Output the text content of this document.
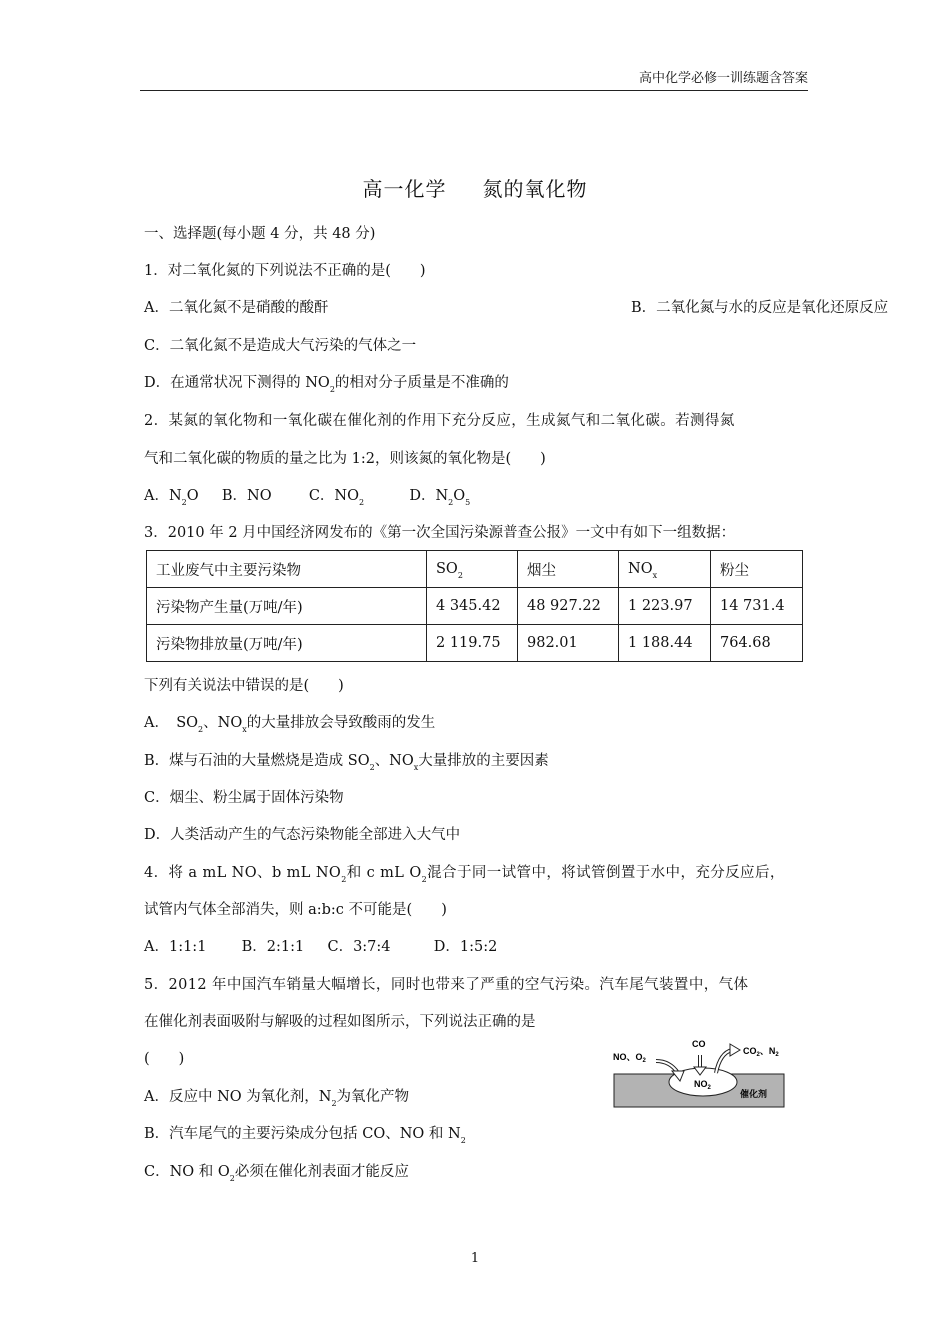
高中化学必修一训练题含答案
高一化学 氮的氧化物
一、选择题(每小题 4 分，共 48 分)
1．对二氧化氮的下列说法不正确的是(　　)
A．二氧化氮不是硝酸的酸酐	B．二氧化氮与水的反应是氧化还原反应
C．二氧化氮不是造成大气污染的气体之一
D．在通常状况下测得的 $NO_2$的相对分子质量是不准确的
2．某氮的氧化物和一氧化碳在催化剂的作用下充分反应，生成氮气和二氧化碳。若测得氮
气和二氧化碳的物质的量之比为 1:2，则该氮的氧化物是(　　)
A．$N_2O$ B．NO	C．$NO_2$	D．$N_2O_5$
3．2010 年 2 月中国经济网发布的《第一次全国污染源普查公报》一文中有如下一组数据：
工业废气中主要污染物	$SO_2$	烟尘	$NO_x$	粉尘
污染物产生量(万吨/年)	4 345.42	48 927.22	1 223.97	14 731.4
污染物排放量(万吨/年)	2 119.75	982.01	1 188.44	764.68
下列有关说法中错误的是(　　)
A．　$SO_2$、$NO_x$的大量排放会导致酸雨的发生
B．煤与石油的大量燃烧是造成 $SO_2$、$NO_x$大量排放的主要因素
C．烟尘、粉尘属于固体污染物
D．人类活动产生的气态污染物能全部进入大气中
4．将 a mL NO、b mL $NO_2$和 c mL $O_2$混合于同一试管中，将试管倒置于水中，充分反应后，
试管内气体全部消失，则 a:b:c 不可能是(　　)
A．1:1:1 B．2:1:1 C．3:7:4	D．1:5:2
5．2012 年中国汽车销量大幅增长，同时也带来了严重的空气污染。汽车尾气装置中，气体
在催化剂表面吸附与解吸的过程如图所示，下列说法正确的是
(　　)
A．反应中 NO 为氧化剂，$N_2$为氧化产物
B．汽车尾气的主要污染成分包括 CO、NO 和 $N_2$
C．NO 和 $O_2$必须在催化剂表面才能反应
NO、$O_2$
CO
$CO_2$、$N_2$
$NO_2$
催化剂
1
